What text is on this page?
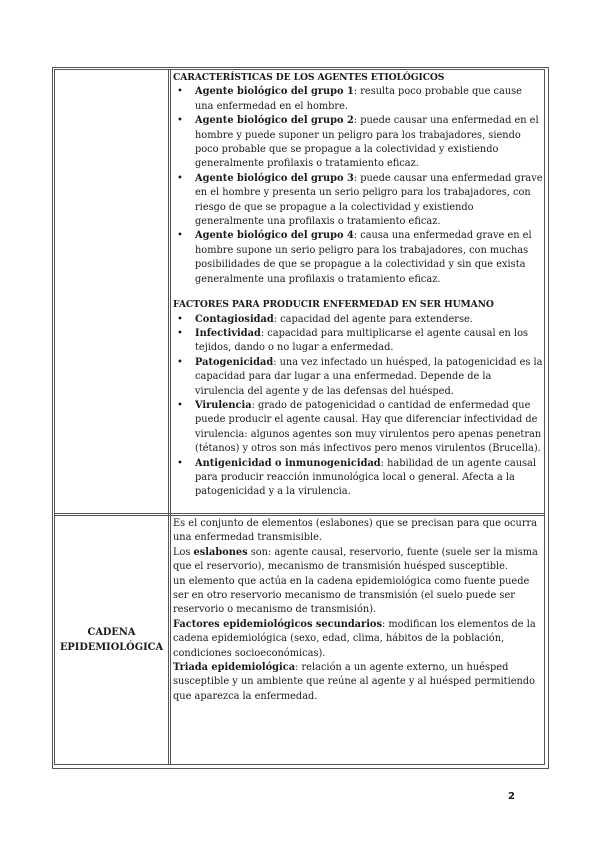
CARACTERÍSTICAS DE LOS AGENTES ETIOLÓGICOS
• Agente biológico del grupo 1: resulta poco probable que cause una enfermedad en el hombre.
• Agente biológico del grupo 2: puede causar una enfermedad en el hombre y puede suponer un peligro para los trabajadores, siendo poco probable que se propague a la colectividad y existiendo generalmente profilaxis o tratamiento eficaz.
• Agente biológico del grupo 3: puede causar una enfermedad grave en el hombre y presenta un serio peligro para los trabajadores, con riesgo de que se propague a la colectividad y existiendo generalmente una profilaxis o tratamiento eficaz.
• Agente biológico del grupo 4: causa una enfermedad grave en el hombre supone un serio peligro para los trabajadores, con muchas posibilidades de que se propague a la colectividad y sin que exista generalmente una profilaxis o tratamiento eficaz.
FACTORES PARA PRODUCIR ENFERMEDAD EN SER HUMANO
• Contagiosidad: capacidad del agente para extenderse.
• Infectividad: capacidad para multiplicarse el agente causal en los tejidos, dando o no lugar a enfermedad.
• Patogenicidad: una vez infectado un huésped, la patogenicidad es la capacidad para dar lugar a una enfermedad. Depende de la virulencia del agente y de las defensas del huésped.
• Virulencia: grado de patogenicidad o cantidad de enfermedad que puede producir el agente causal. Hay que diferenciar infectividad de virulencia: algunos agentes son muy virulentos pero apenas penetran (tétanos) y otros son más infectivos pero menos virulentos (Brucella).
• Antigenicidad o inmunogenicidad: habilidad de un agente causal para producir reacción inmunológica local o general. Afecta a la patogenicidad y a la virulencia.
CADENA EPIDEMIOLÓGICA

Es el conjunto de elementos (eslabones) que se precisan para que ocurra una enfermedad transmisible.

Los eslabones son: agente causal, reservorio, fuente (suele ser la misma que el reservorio), mecanismo de transmisión huésped susceptible.

un elemento que actúa en la cadena epidemiológica como fuente puede ser en otro reservorio mecanismo de transmisión (el suelo puede ser reservorio o mecanismo de transmisión).

Factores epidemiológicos secundarios: modifican los elementos de la cadena epidemiológica (sexo, edad, clima, hábitos de la población, condiciones socioeconómicas).

Triada epidemiológica: relación a un agente externo, un huésped susceptible y un ambiente que reúne al agente y al huésped permitiendo que aparezca la enfermedad.

2
